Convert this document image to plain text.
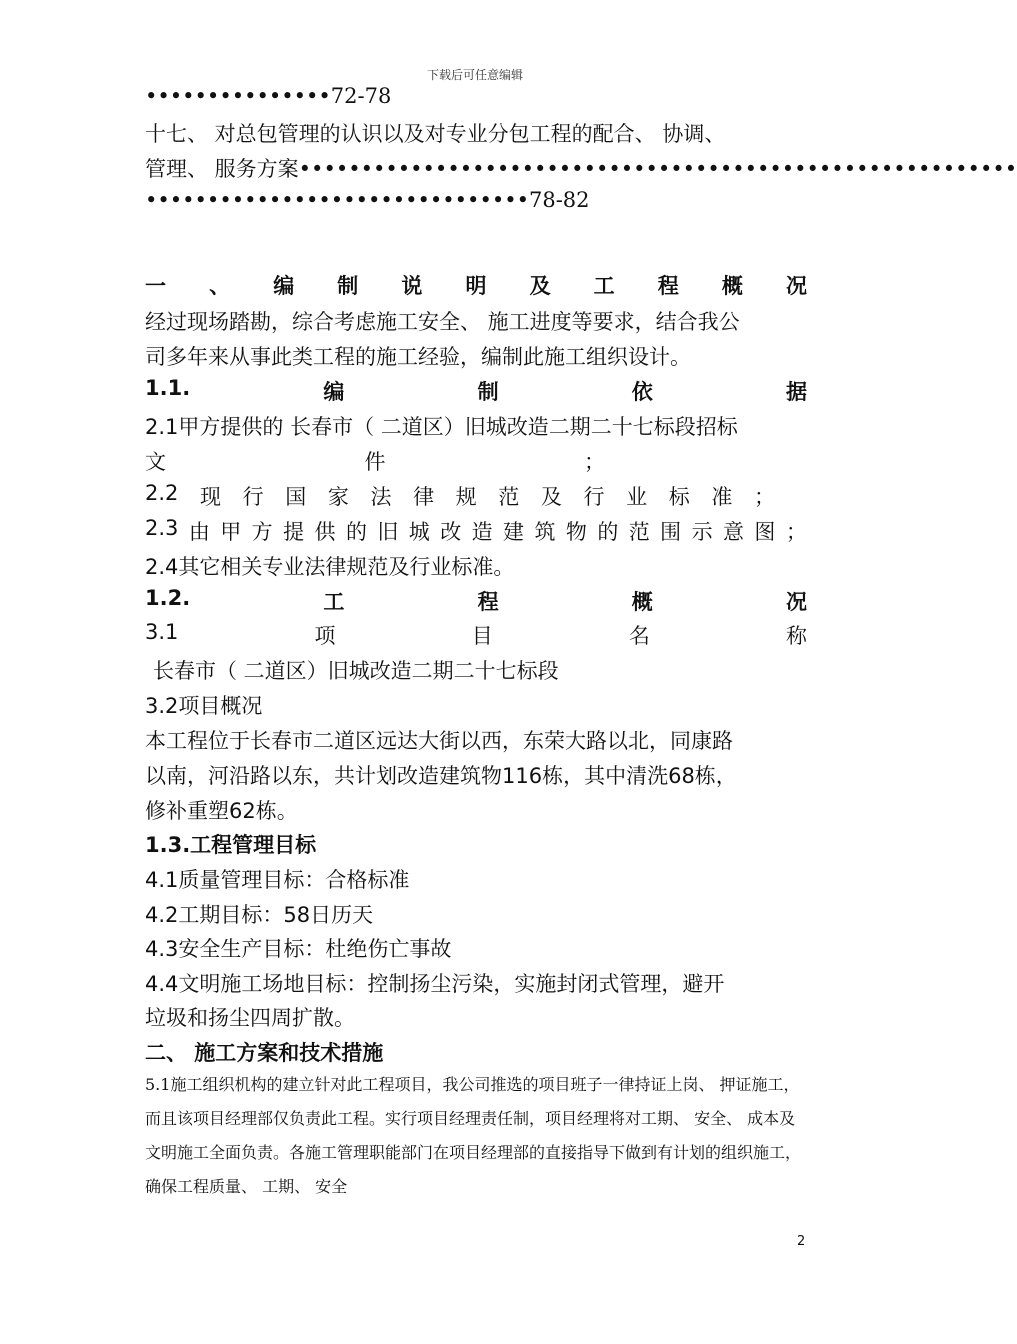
下载后可任意编辑
•••••••••••••••72-78
十七、 对总包管理的认识以及对专业分包工程的配合、 协调、
管理、 服务方案••••••••••••••••••••••••••••••••••••••••••••••••••••••••••
•••••••••••••••••••••••••••••••78-82
一 、 编 制 说 明 及 工 程 概 况
经过现场踏勘，综合考虑施工安全、 施工进度等要求，结合我公
司多年来从事此类工程的施工经验，编制此施工组织设计。
1.1.	编	制	依	据
2.1甲方提供的 长春市（ 二道区）旧城改造二期二十七标段招标
文	件	；
2.2 现 行 国 家 法 律 规 范 及 行 业 标 准 ；
2.3 由 甲 方 提 供 的 旧 城 改 造 建 筑 物 的 范 围 示 意 图 ；
2.4其它相关专业法律规范及行业标准。
1.2.	工	程	概	况
3.1	项	目	名	称
长春市（ 二道区）旧城改造二期二十七标段
3.2项目概况
本工程位于长春市二道区远达大街以西，东荣大路以北，同康路
以南，河沿路以东，共计划改造建筑物116栋，其中清洗68栋，
修补重塑62栋。
1.3.工程管理目标
4.1质量管理目标：合格标准
4.2工期目标：58日历天
4.3安全生产目标：杜绝伤亡事故
4.4文明施工场地目标：控制扬尘污染，实施封闭式管理，避开
垃圾和扬尘四周扩散。
二、 施工方案和技术措施
5.1施工组织机构的建立针对此工程项目，我公司推选的项目班子一律持证上岗、 押证施工，而且该项目经理部仅负责此工程。实行项目经理责任制，项目经理将对工期、 安全、 成本及文明施工全面负责。各施工管理职能部门在项目经理部的直接指导下做到有计划的组织施工，确保工程质量、 工期、 安全
2
